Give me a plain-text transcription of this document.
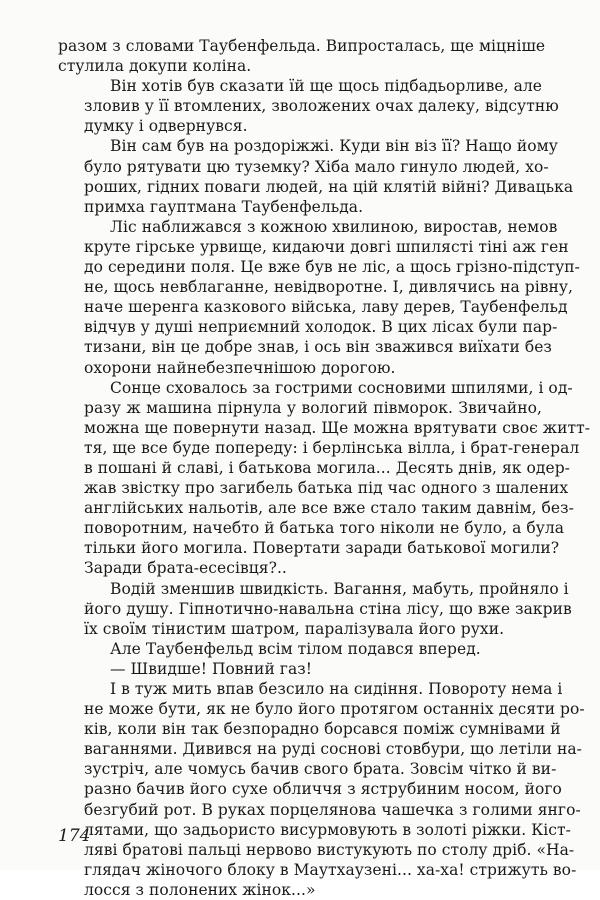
разом з словами Таубенфельда. Випросталась, ще міцніше
стулила докупи коліна.

Він хотів був сказати їй ще щось підбадьорливе, але

зловив у її втомлених, зволожених очах далеку, відсутню
думку і одвернувся.

Він сам був на роздоріжжі. Куди він віз її? Нащо йому

було рятувати цю туземку? Хіба мало гинуло людей, хо-
роших, гідних поваги людей, на цій клятій війні? Дивацька
примха гауптмана Таубенфельда.

Ліс наближався з кожною хвилиною, виростав, немов

круте гірське урвище, кидаючи довгі шпилясті тіні аж ген
до середини поля. Це вже був не ліс, а щось грізно-підступ-
не, щось невблаганне, невідворотне. І, дивлячись на рівну,
наче шеренга казкового війська, лаву дерев, Таубенфельд
відчув у душі неприємний холодок. В цих лісах були пар-
тизани, він це добре знав, і ось він зважився виїхати без
охорони найнебезпечнішою дорогою.

Сонце сховалось за гострими сосновими шпилями, і од-

разу ж машина пірнула у вологий півморок. Звичайно,
можна ще повернути назад. Ще можна врятувати своє житт-
тя, ще все буде попереду: і берлінська вілла, і брат-генерал
в пошані й славі, і батькова могила... Десять днів, як одер-
жав звістку про загибель батька під час одного з шалених
англійських нальотів, але все вже стало таким давнім, без-
поворотним, начебто й батька того ніколи не було, а була
тільки його могила. Повертати заради батькової могили?
Заради брата-есесівця?..

Водій зменшив швидкість. Вагання, мабуть, пройняло і

його душу. Гіпнотично-навальна стіна лісу, що вже закрив
їх своїм тінистим шатром, паралізувала його рухи.

Але Таубенфельд всім тілом подався вперед.

— Швидше! Повний газ!

І в туж мить впав безсило на сидіння. Повороту нема і

не може бути, як не було його протягом останніх десяти ро-
ків, коли він так безпорадно борсався поміж сумнівами й
ваганнями. Дивився на руді соснові стовбури, що летіли на-
зустріч, але чомусь бачив свого брата. Зовсім чітко й ви-
разно бачив його сухе обличчя з яструбиним носом, його
безгубий рот. В руках порцелянова чашечка з голими янго-
лятами, що задьористо висурмовують в золоті ріжки. Кіст-
ляві братові пальці нервово вистукують по столу дріб. «На-
глядач жіночого блоку в Маутхаузені... ха-ха! стрижуть во-
лосся з полонених жінок...»

174
